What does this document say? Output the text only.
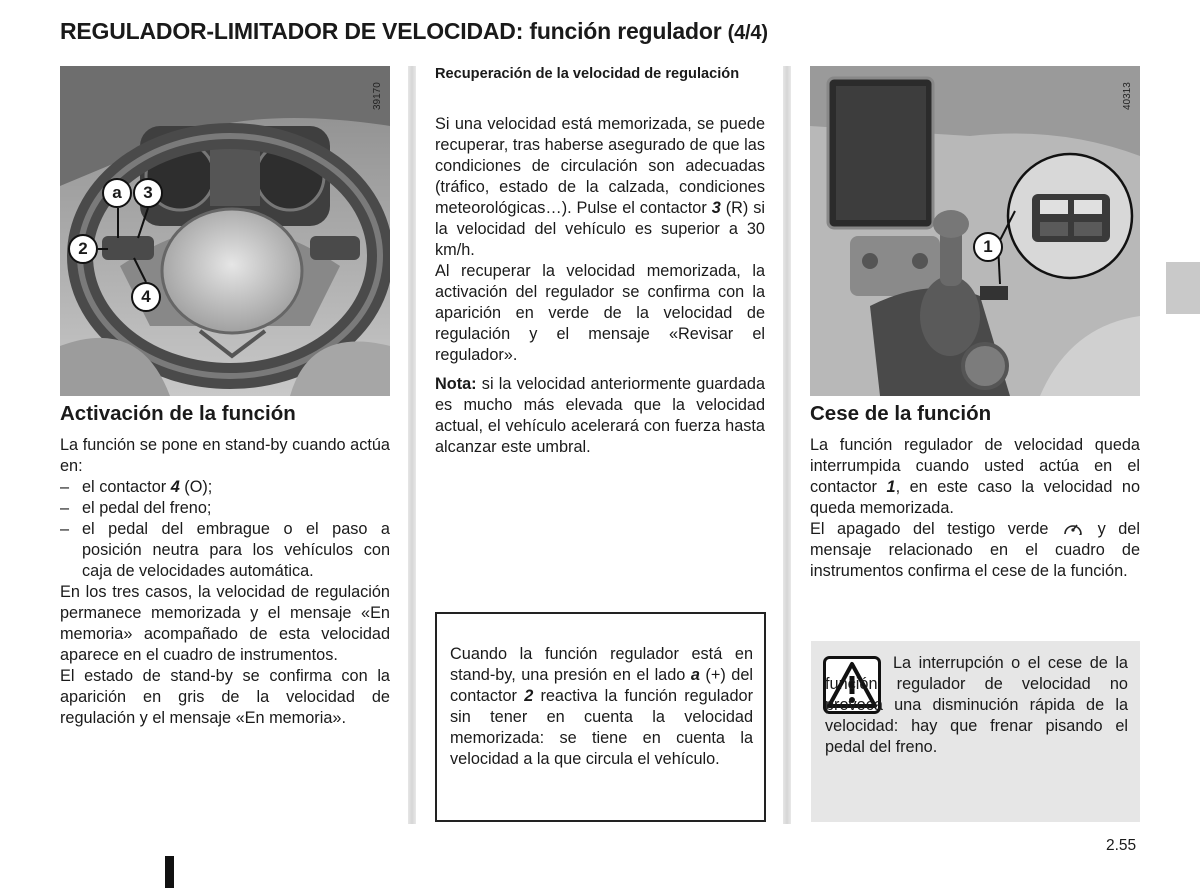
REGULADOR-LIMITADOR DE VELOCIDAD: función regulador (4/4)
a	3
2
4
39170
Activación de la función

La función se pone en stand-by cuando actúa en:

– el contactor 4 (O);
– el pedal del freno;
– el pedal del embrague o el paso a posición neutra para los vehículos con caja de velocidades automática.

En los tres casos, la velocidad de regulación permanece memorizada y el mensaje «En memoria» acompañado de esta velocidad aparece en el cuadro de instrumentos.

El estado de stand-by se confirma con la aparición en gris de la velocidad de regulación y el mensaje «En memoria».

Recuperación de la velocidad de regulación

Si una velocidad está memorizada, se puede recuperar, tras haberse asegurado de que las condiciones de circulación son adecuadas (tráfico, estado de la calzada, condiciones meteorológicas…). Pulse el contactor 3 (R) si la velocidad del vehículo es superior a 30 km/h.

Al recuperar la velocidad memorizada, la activación del regulador se confirma con la aparición en verde de la velocidad de regulación y el mensaje «Revisar el regulador».

Nota: si la velocidad anteriormente guardada es mucho más elevada que la velocidad actual, el vehículo acelerará con fuerza hasta alcanzar este umbral.

Cuando la función regulador está en stand-by, una presión en el lado a (+) del contactor 2 reactiva la función regulador sin tener en cuenta la velocidad memorizada: se tiene en cuenta la velocidad a la que circula el vehículo.

1
40313
Cese de la función

La función regulador de velocidad queda interrumpida cuando usted actúa en el contactor 1, en este caso la velocidad no queda memorizada.

El apagado del testigo verde	y del mensaje relacionado en el cuadro de instrumentos confirma el cese de la función.

La interrupción o el cese de la función regulador de velocidad no provoca una disminución rápida de la velocidad: hay que frenar pisando el pedal del freno.

2.55
